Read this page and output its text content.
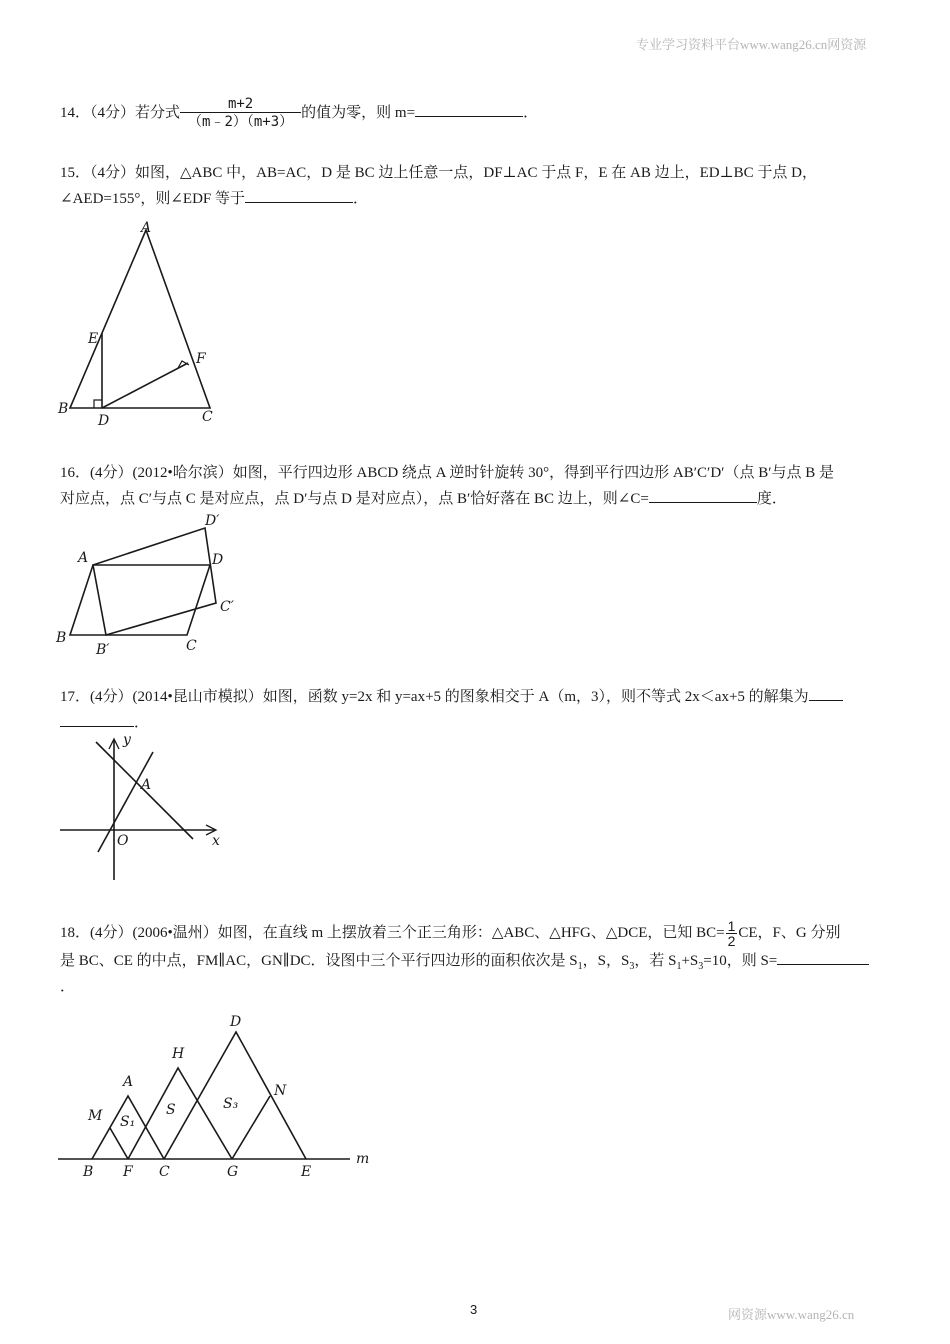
专业学习资料平台www.wang26.cn网资源
14．（4分）若分式 $\frac{m+2}{(m﹣2)(m+3)}$ 的值为零，则 m=	．
15．（4分）如图，△ABC 中，AB=AC，D 是 BC 边上任意一点，DF⊥AC 于点 F，E 在 AB 边上，ED⊥BC 于点 D，
∠AED=155°，则∠EDF 等于	．
A
E
F
B
D	C
16．(4分）(2012•哈尔滨）如图，平行四边形 ABCD 绕点 A 逆时针旋转 30°，得到平行四边形 AB′C′D′（点 B′与点 B 是
对应点，点 C′与点 C 是对应点，点 D′与点 D 是对应点），点 B′恰好落在 BC 边上，则∠C=	度．
D′
A	D
C′
B
B′	C
17．(4分）(2014•昆山市模拟）如图，函数 y=2x 和 y=ax+5 的图象相交于 A（m，3），则不等式 2x＜ax+5 的解集为
．
y
A
O	x
18．(4分）(2006•温州）如图，在直线 m 上摆放着三个正三角形：△ABC、△HFG、△DCE，已知 $BC= \frac{1}{2}$ CE，F、G 分别
是 BC、CE 的中点，FM∥AC，GN∥DC．设图中三个平行四边形的面积依次是 $S_1$，S，$S_3$，若 $S_1+S_3=10$，则 S=
．
D
H
A
S₃
N
M S₁
S
B F C	G	E
m
3	网资源www.wang26.cn
